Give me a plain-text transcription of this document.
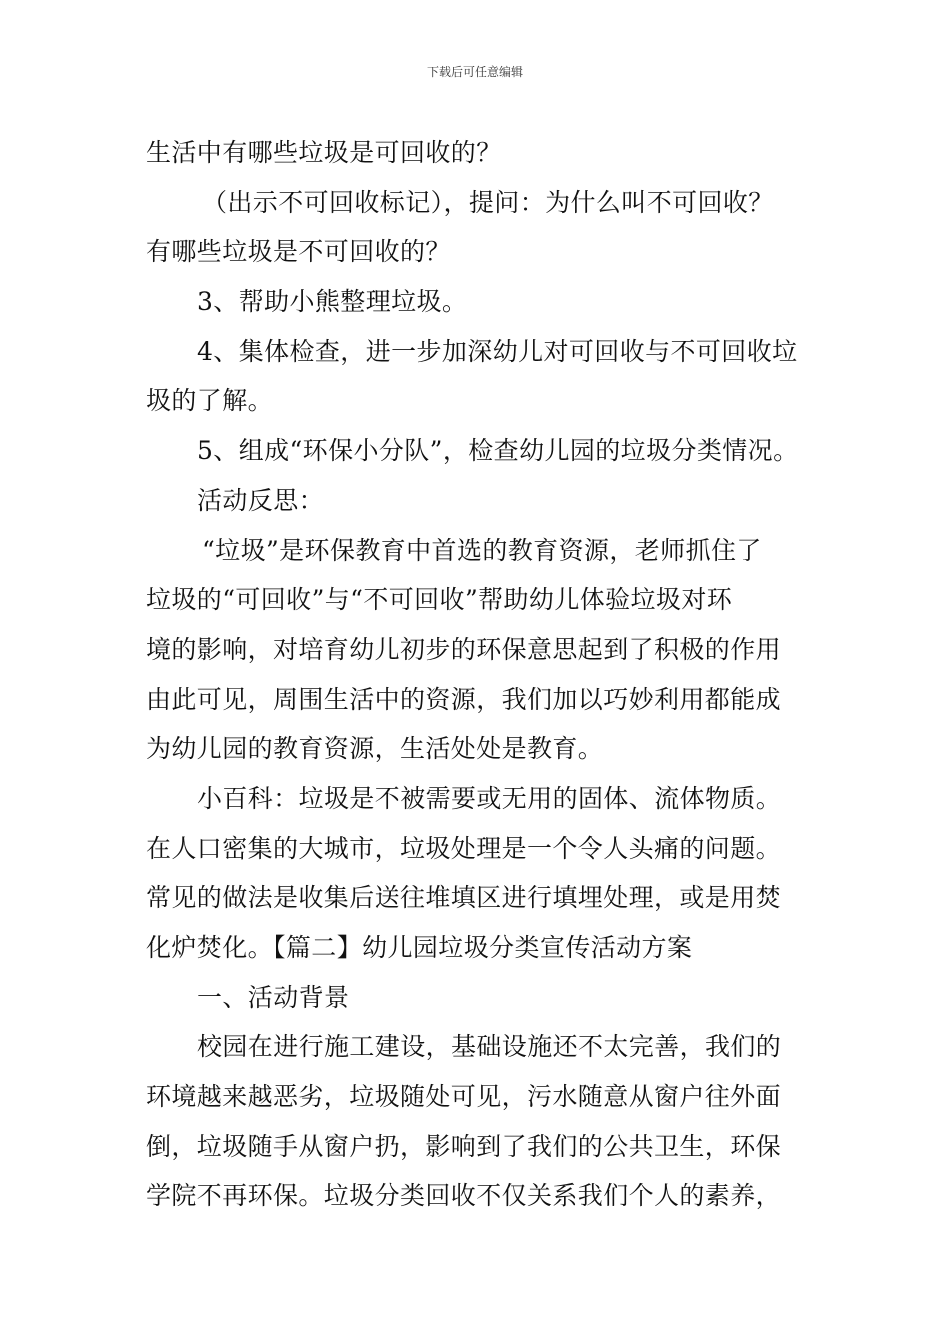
下载后可任意编辑
生活中有哪些垃圾是可回收的？
（出示不可回收标记），提问：为什么叫不可回收？
有哪些垃圾是不可回收的？
3、帮助小熊整理垃圾。
4、集体检查，进一步加深幼儿对可回收与不可回收垃
圾的了解。
5、组成“环保小分队”，检查幼儿园的垃圾分类情况。
活动反思：
“垃圾”是环保教育中首选的教育资源，老师抓住了
垃圾的“可回收”与“不可回收”帮助幼儿体验垃圾对环
境的影响，对培育幼儿初步的环保意思起到了积极的作用
由此可见，周围生活中的资源，我们加以巧妙利用都能成
为幼儿园的教育资源，生活处处是教育。
小百科：垃圾是不被需要或无用的固体、流体物质。
在人口密集的大城市，垃圾处理是一个令人头痛的问题。
常见的做法是收集后送往堆填区进行填埋处理，或是用焚
化炉焚化。【篇二】幼儿园垃圾分类宣传活动方案
一、活动背景
校园在进行施工建设，基础设施还不太完善，我们的
环境越来越恶劣，垃圾随处可见，污水随意从窗户往外面
倒，垃圾随手从窗户扔，影响到了我们的公共卫生，环保
学院不再环保。垃圾分类回收不仅关系我们个人的素养，
